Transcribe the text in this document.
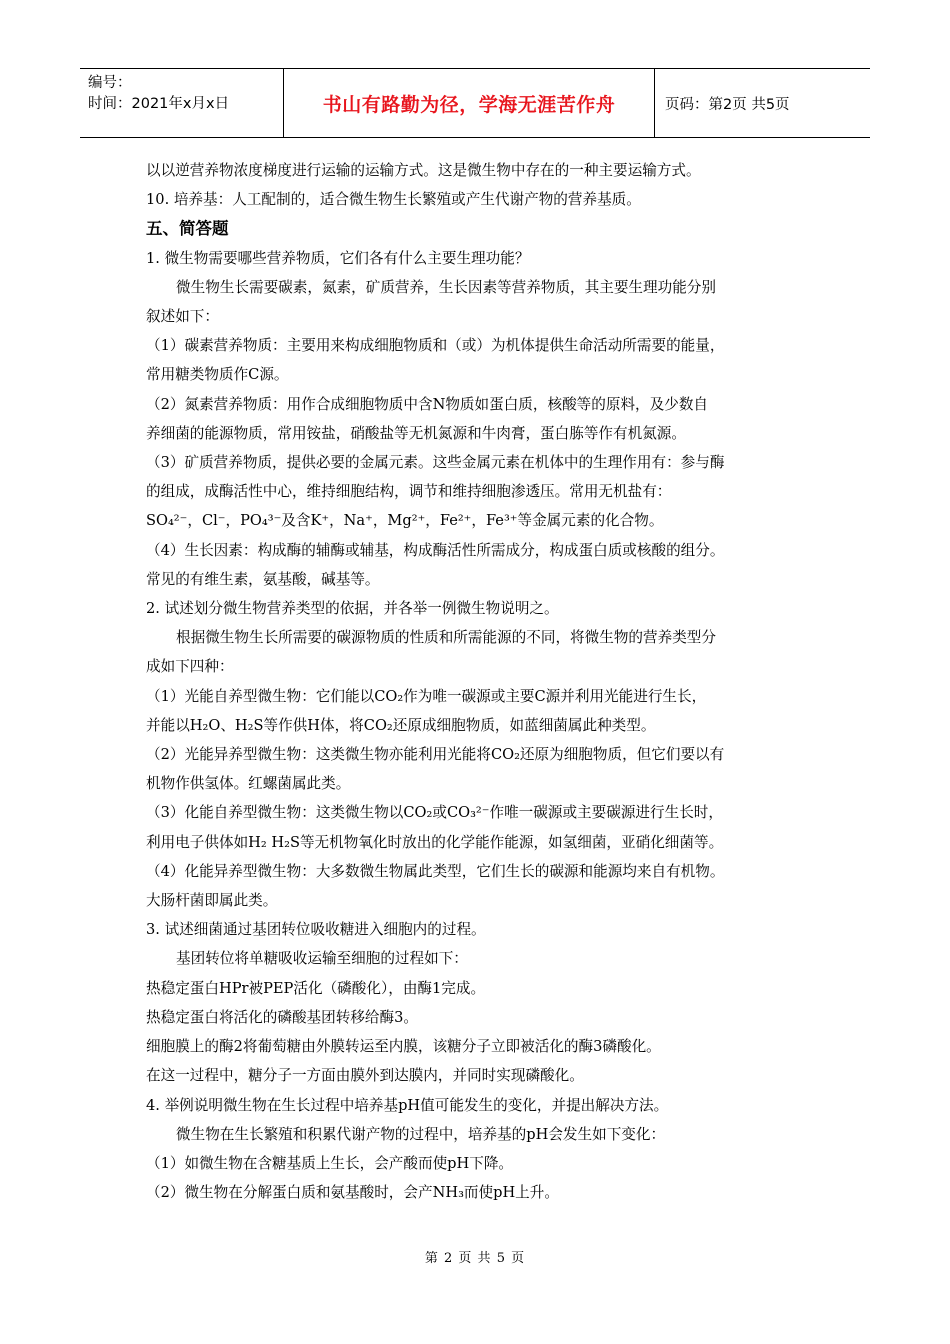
编号：
时间：2021年x月x日	书山有路勤为径，学海无涯苦作舟	页码：第2页 共5页

以以逆营养物浓度梯度进行运输的运输方式。这是微生物中存在的一种主要运输方式。

10. 培养基：人工配制的，适合微生物生长繁殖或产生代谢产物的营养基质。

五、简答题

1. 微生物需要哪些营养物质，它们各有什么主要生理功能？

微生物生长需要碳素，氮素，矿质营养，生长因素等营养物质，其主要生理功能分别

叙述如下：

（1）碳素营养物质：主要用来构成细胞物质和（或）为机体提供生命活动所需要的能量，

常用糖类物质作C源。

（2）氮素营养物质：用作合成细胞物质中含N物质如蛋白质，核酸等的原料，及少数自

养细菌的能源物质，常用铵盐，硝酸盐等无机氮源和牛肉膏，蛋白胨等作有机氮源。

（3）矿质营养物质，提供必要的金属元素。这些金属元素在机体中的生理作用有：参与酶

的组成，成酶活性中心，维持细胞结构，调节和维持细胞渗透压。常用无机盐有：

SO₄²⁻，Cl⁻，PO₄³⁻及含K⁺，Na⁺，Mg²⁺，Fe²⁺，Fe³⁺等金属元素的化合物。

（4）生长因素：构成酶的辅酶或辅基，构成酶活性所需成分，构成蛋白质或核酸的组分。

常见的有维生素，氨基酸，碱基等。

2. 试述划分微生物营养类型的依据，并各举一例微生物说明之。

根据微生物生长所需要的碳源物质的性质和所需能源的不同，将微生物的营养类型分

成如下四种：

（1）光能自养型微生物：它们能以CO₂作为唯一碳源或主要C源并利用光能进行生长，

并能以H₂O、H₂S等作供H体，将CO₂还原成细胞物质，如蓝细菌属此种类型。

（2）光能异养型微生物：这类微生物亦能利用光能将CO₂还原为细胞物质，但它们要以有

机物作供氢体。红螺菌属此类。

（3）化能自养型微生物：这类微生物以CO₂或CO₃²⁻作唯一碳源或主要碳源进行生长时，

利用电子供体如H₂ H₂S等无机物氧化时放出的化学能作能源，如氢细菌，亚硝化细菌等。

（4）化能异养型微生物：大多数微生物属此类型，它们生长的碳源和能源均来自有机物。

大肠杆菌即属此类。

3. 试述细菌通过基团转位吸收糖进入细胞内的过程。

基团转位将单糖吸收运输至细胞的过程如下：

热稳定蛋白HPr被PEP活化（磷酸化），由酶1完成。

热稳定蛋白将活化的磷酸基团转移给酶3。

细胞膜上的酶2将葡萄糖由外膜转运至内膜，该糖分子立即被活化的酶3磷酸化。

在这一过程中，糖分子一方面由膜外到达膜内，并同时实现磷酸化。

4. 举例说明微生物在生长过程中培养基pH值可能发生的变化，并提出解决方法。

微生物在生长繁殖和积累代谢产物的过程中，培养基的pH会发生如下变化：

（1）如微生物在含糖基质上生长，会产酸而使pH下降。

（2）微生物在分解蛋白质和氨基酸时，会产NH₃而使pH上升。

第 2 页 共 5 页
